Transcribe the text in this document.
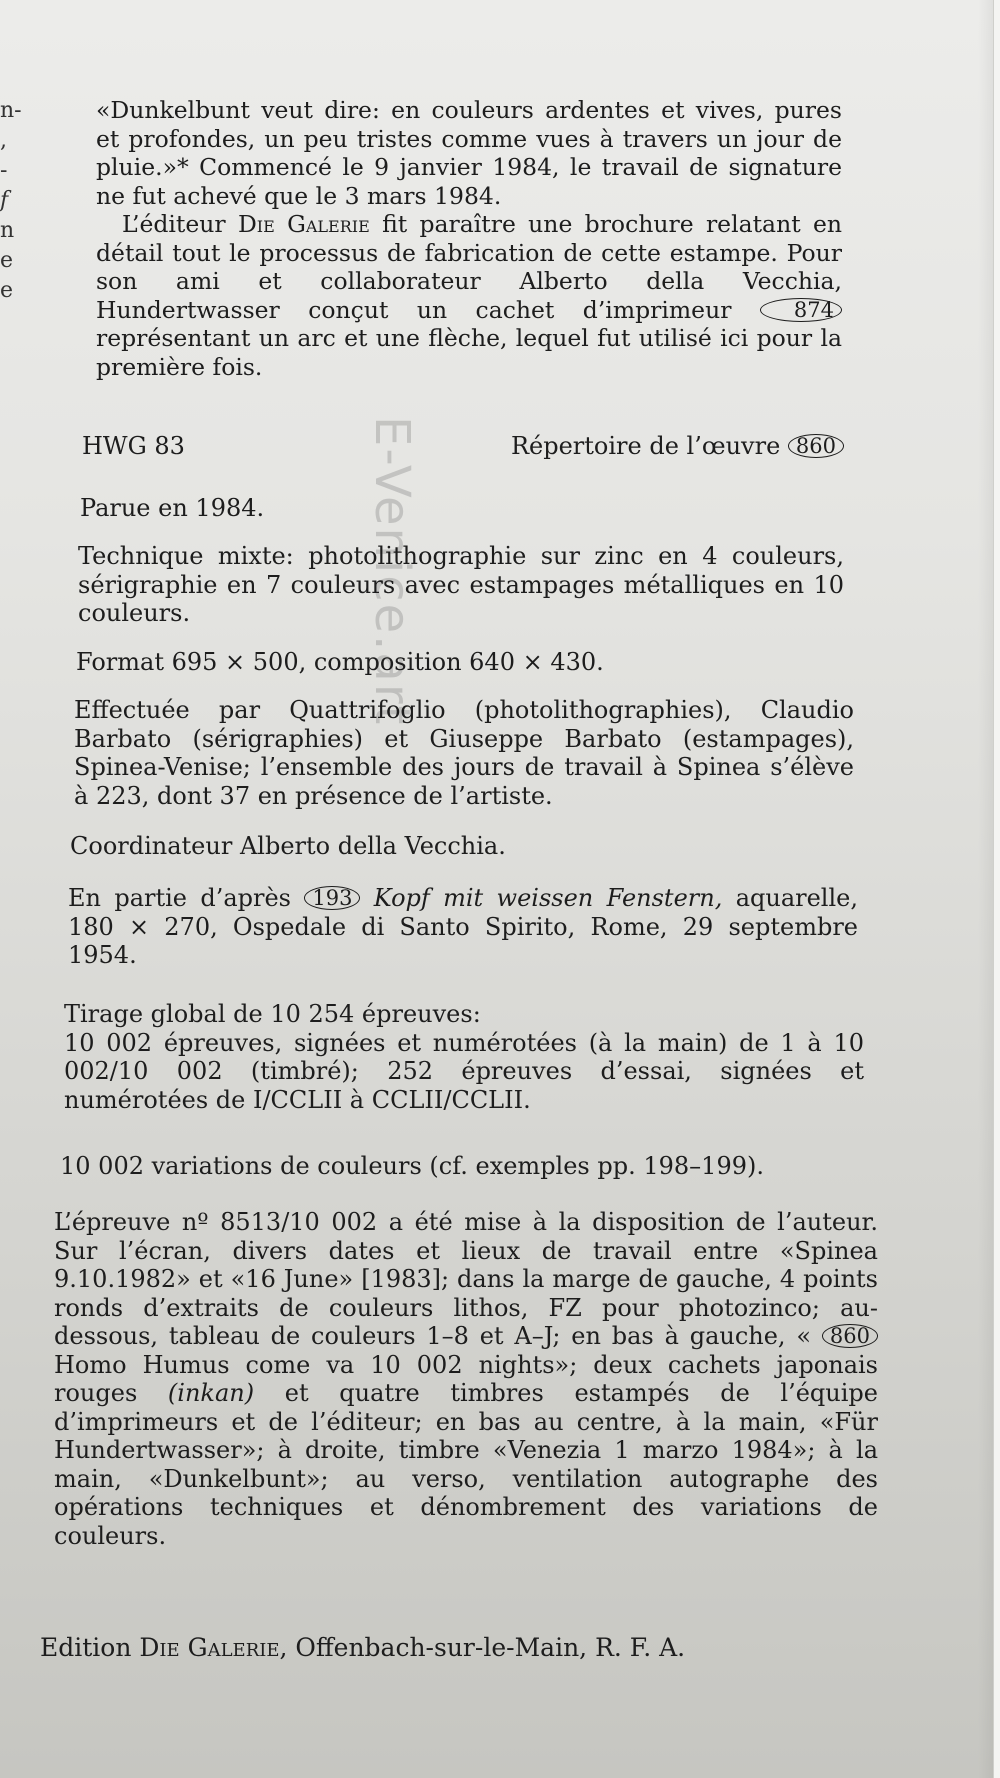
n-
,
-
f
n
e
e

«Dunkelbunt veut dire: en couleurs ardentes et vives, pures et profondes, un peu tristes comme vues à travers un jour de pluie.»* Commencé le 9 janvier 1984, le travail de signature ne fut achevé que le 3 mars 1984.

L’éditeur Die Galerie fit paraître une brochure relatant en détail tout le processus de fabrication de cette estampe. Pour son ami et collaborateur Alberto della Vecchia, Hundertwasser conçut un cachet d’imprimeur 874 représentant un arc et une flèche, lequel fut utilisé ici pour la première fois.

HWG 83	Répertoire de l’œuvre 860
E-Venice.art

Parue en 1984.

Technique mixte: photolithographie sur zinc en 4 couleurs, sérigraphie en 7 couleurs avec estampages métalliques en 10 couleurs.

Format 695 × 500, composition 640 × 430.

Effectuée par Quattrifoglio (photolithographies), Claudio Barbato (sérigraphies) et Giuseppe Barbato (estampages), Spinea-Venise; l’ensemble des jours de travail à Spinea s’élève à 223, dont 37 en présence de l’artiste.

Coordinateur Alberto della Vecchia.

En partie d’après 193 Kopf mit weissen Fenstern, aquarelle, 180 × 270, Ospedale di Santo Spirito, Rome, 29 septembre 1954.

Tirage global de 10 254 épreuves:

10 002 épreuves, signées et numérotées (à la main) de 1 à 10 002/10 002 (timbré); 252 épreuves d’essai, signées et numérotées de I/CCLII à CCLII/CCLII.

10 002 variations de couleurs (cf. exemples pp. 198–199).

L’épreuve nº 8513/10 002 a été mise à la disposition de l’auteur. Sur l’écran, divers dates et lieux de travail entre «Spinea 9.10.1982» et «16 June» [1983]; dans la marge de gauche, 4 points ronds d’extraits de couleurs lithos, FZ pour photozinco; au-dessous, tableau de couleurs 1–8 et A–J; en bas à gauche, « 860 Homo Humus come va 10 002 nights»; deux cachets japonais rouges (inkan) et quatre timbres estampés de l’équipe d’imprimeurs et de l’éditeur; en bas au centre, à la main, «Für Hundertwasser»; à droite, timbre «Venezia 1 marzo 1984»; à la main, «Dunkelbunt»; au verso, ventilation autographe des opérations techniques et dénombrement des variations de couleurs.

Edition Die Galerie, Offenbach-sur-le-Main, R. F. A.
